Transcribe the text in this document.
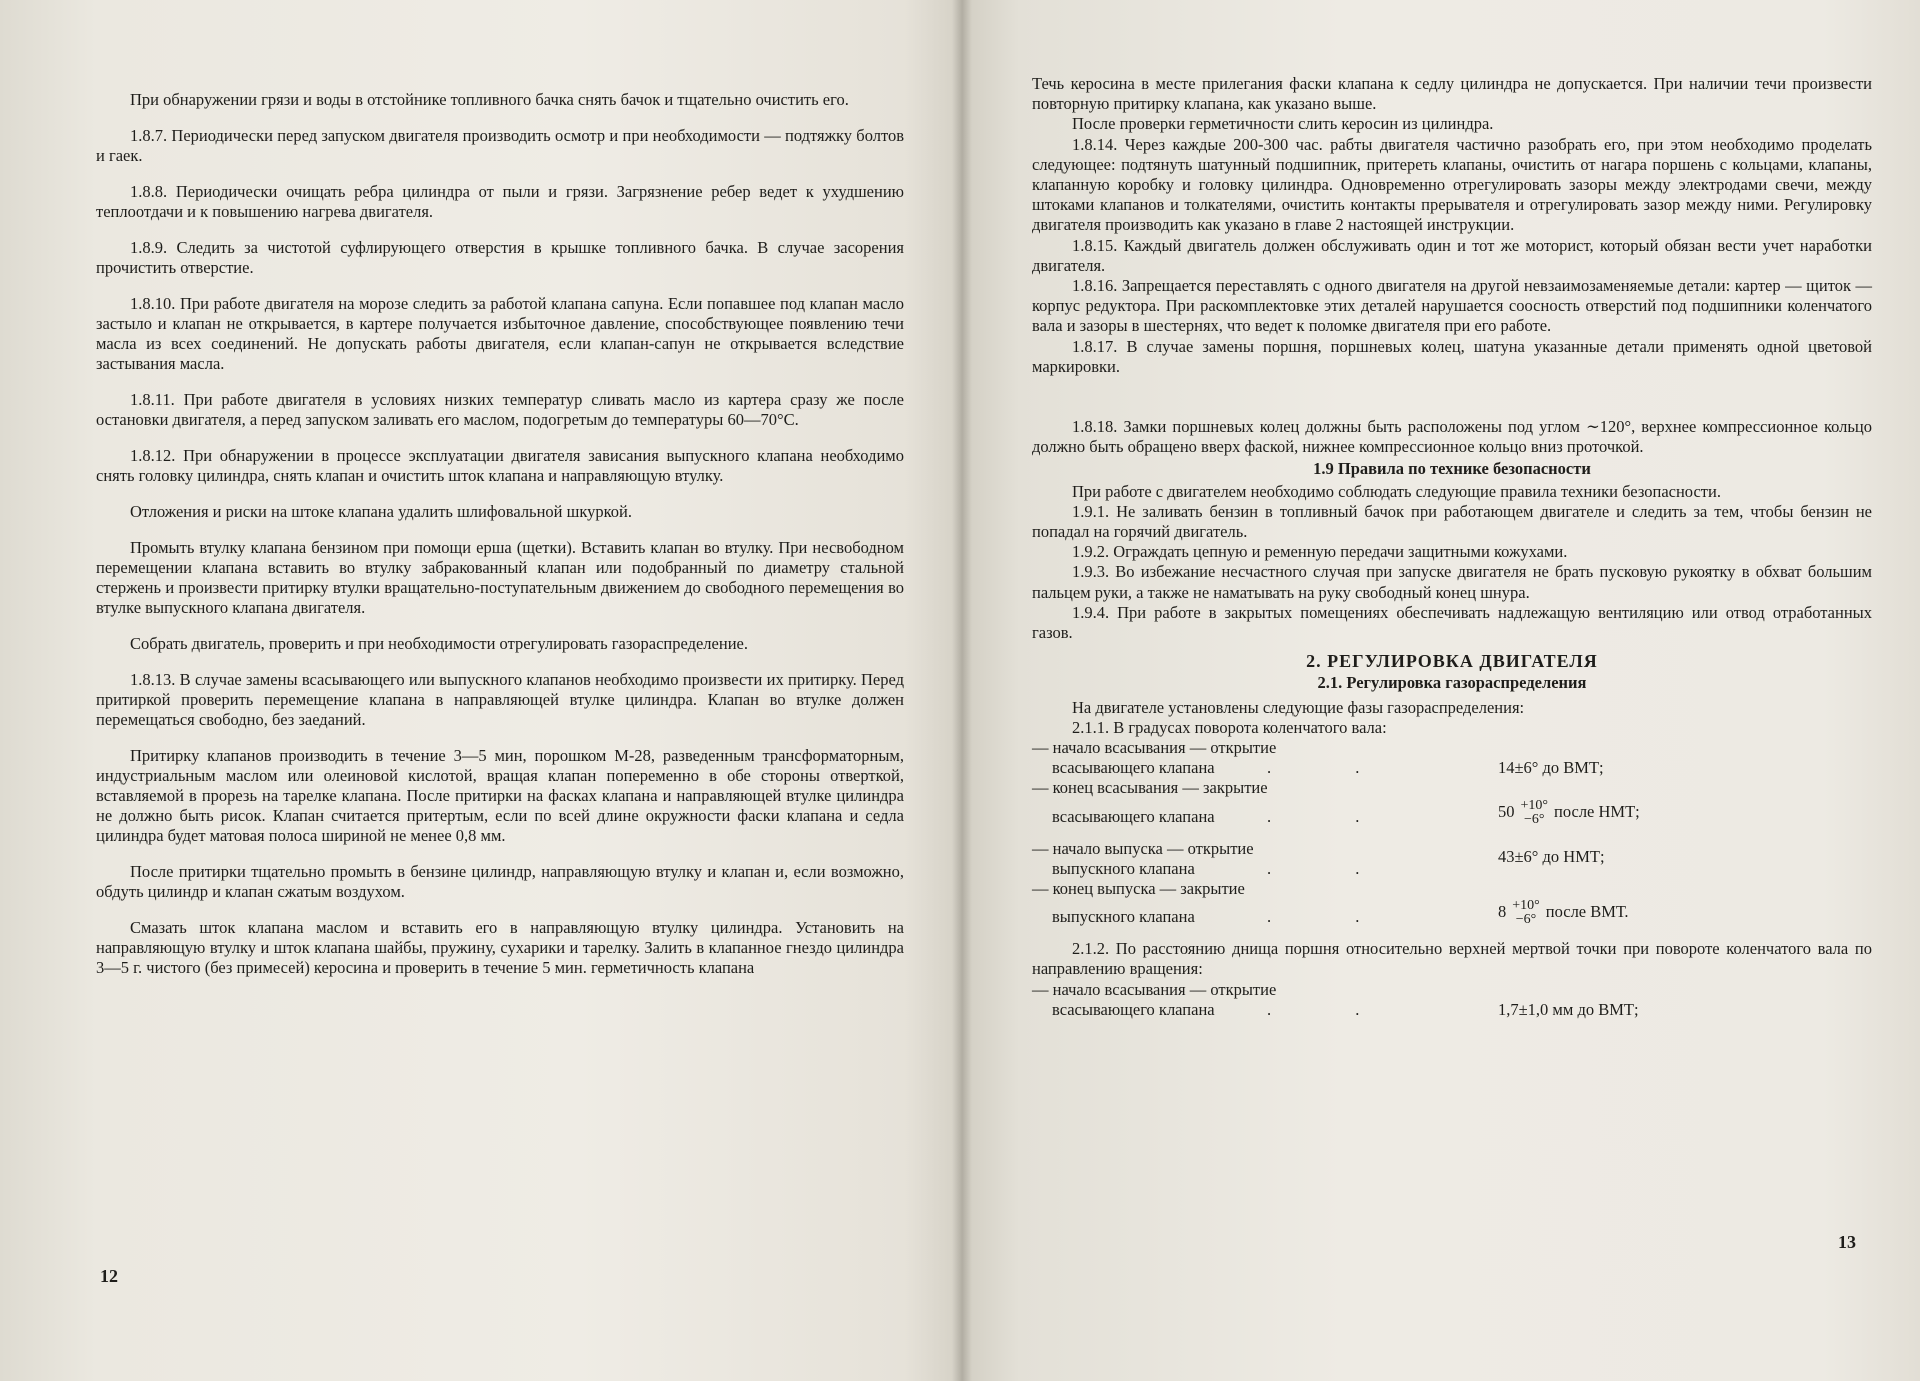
При обнаружении грязи и воды в отстойнике топливного бачка снять бачок и тщательно очистить его.

1.8.7. Периодически перед запуском двигателя производить осмотр и при необходимости — подтяжку болтов и гаек.

1.8.8. Периодически очищать ребра цилиндра от пыли и грязи. Загрязнение ребер ведет к ухудшению теплоотдачи и к повышению нагрева двигателя.

1.8.9. Следить за чистотой суфлирующего отверстия в крышке топливного бачка. В случае засорения прочистить отверстие.

1.8.10. При работе двигателя на морозе следить за работой клапана сапуна. Если попавшее под клапан масло застыло и клапан не открывается, в картере получается избыточное давление, способствующее появлению течи масла из всех соединений. Не допускать работы двигателя, если клапан-сапун не открывается вследствие застывания масла.

1.8.11. При работе двигателя в условиях низких температур сливать масло из картера сразу же после остановки двигателя, а перед запуском заливать его маслом, подогретым до температуры 60—70°С.

1.8.12. При обнаружении в процессе эксплуатации двигателя зависания выпускного клапана необходимо снять головку цилиндра, снять клапан и очистить шток клапана и направляющую втулку.

Отложения и риски на штоке клапана удалить шлифовальной шкуркой.

Промыть втулку клапана бензином при помощи ерша (щетки). Вставить клапан во втулку. При несвободном перемещении клапана вставить во втулку забракованный клапан или подобранный по диаметру стальной стержень и произвести притирку втулки вращательно-поступательным движением до свободного перемещения во втулке выпускного клапана двигателя.

Собрать двигатель, проверить и при необходимости отрегулировать газораспределение.

1.8.13. В случае замены всасывающего или выпускного клапанов необходимо произвести их притирку. Перед притиркой проверить перемещение клапана в направляющей втулке цилиндра. Клапан во втулке должен перемещаться свободно, без заеданий.

Притирку клапанов производить в течение 3—5 мин, порошком М-28, разведенным трансформаторным, индустриальным маслом или олеиновой кислотой, вращая клапан попеременно в обе стороны отверткой, вставляемой в прорезь на тарелке клапана. После притирки на фасках клапана и направляющей втулке цилиндра не должно быть рисок. Клапан считается притертым, если по всей длине окружности фаски клапана и седла цилиндра будет матовая полоса шириной не менее 0,8 мм.

После притирки тщательно промыть в бензине цилиндр, направляющую втулку и клапан и, если возможно, обдуть цилиндр и клапан сжатым воздухом.

Смазать шток клапана маслом и вставить его в направляющую втулку цилиндра. Установить на направляющую втулку и шток клапана шайбы, пружину, сухарики и тарелку. Залить в клапанное гнездо цилиндра 3—5 г. чистого (без примесей) керосина и проверить в течение 5 мин. герметичность клапана

12

Течь керосина в месте прилегания фаски клапана к седлу цилиндра не допускается. При наличии течи произвести повторную притирку клапана, как указано выше.

После проверки герметичности слить керосин из цилиндра.

1.8.14. Через каждые 200-300 час. рабты двигателя частично разобрать его, при этом необходимо проделать следующее: подтянуть шатунный подшипник, притереть клапаны, очистить от нагара поршень с кольцами, клапаны, клапанную коробку и головку цилиндра. Одновременно отрегулировать зазоры между электродами свечи, между штоками клапанов и толкателями, очистить контакты прерывателя и отрегулировать зазор между ними. Регулировку двигателя производить как указано в главе 2 настоящей инструкции.

1.8.15. Каждый двигатель должен обслуживать один и тот же моторист, который обязан вести учет наработки двигателя.

1.8.16. Запрещается переставлять с одного двигателя на другой невзаимозаменяемые детали: картер — щиток — корпус редуктора. При раскомплектовке этих деталей нарушается соосность отверстий под подшипники коленчатого вала и зазоры в шестернях, что ведет к поломке двигателя при его работе.

1.8.17. В случае замены поршня, поршневых колец, шатуна указанные детали применять одной цветовой маркировки.

1.8.18. Замки поршневых колец должны быть расположены под углом ∼120°, верхнее компрессионное кольцо должно быть обращено вверх фаской, нижнее компрессионное кольцо вниз проточкой.

1.9 Правила по технике безопасности

При работе с двигателем необходимо соблюдать следующие правила техники безопасности.

1.9.1. Не заливать бензин в топливный бачок при работающем двигателе и следить за тем, чтобы бензин не попадал на горячий двигатель.

1.9.2. Ограждать цепную и ременную передачи защитными кожухами.

1.9.3. Во избежание несчастного случая при запуске двигателя не брать пусковую рукоятку в обхват большим пальцем руки, а также не наматывать на руку свободный конец шнура.

1.9.4. При работе в закрытых помещениях обеспечивать надлежащую вентиляцию или отвод отработанных газов.

2. РЕГУЛИРОВКА ДВИГАТЕЛЯ
2.1. Регулировка газораспределения

На двигателе установлены следующие фазы газораспределения:

2.1.1. В градусах поворота коленчатого вала:

— начало всасывания — открытие
всасывающего клапана	. .	14±6° до ВМТ;
— конец всасывания — закрытие
всасывающего клапана	. .	50 +10°
−6° после НМТ;
— начало выпуска — открытие	43±6° до НМТ;
выпускного клапана	. .
— конец выпуска — закрытие
выпускного клапана	. .	8 +10°
−6° после ВМТ.

2.1.2. По расстоянию днища поршня относительно верхней мертвой точки при повороте коленчатого вала по направлению вращения:

— начало всасывания — открытие
всасывающего клапана	. .	1,7±1,0 мм до ВМТ;
13
